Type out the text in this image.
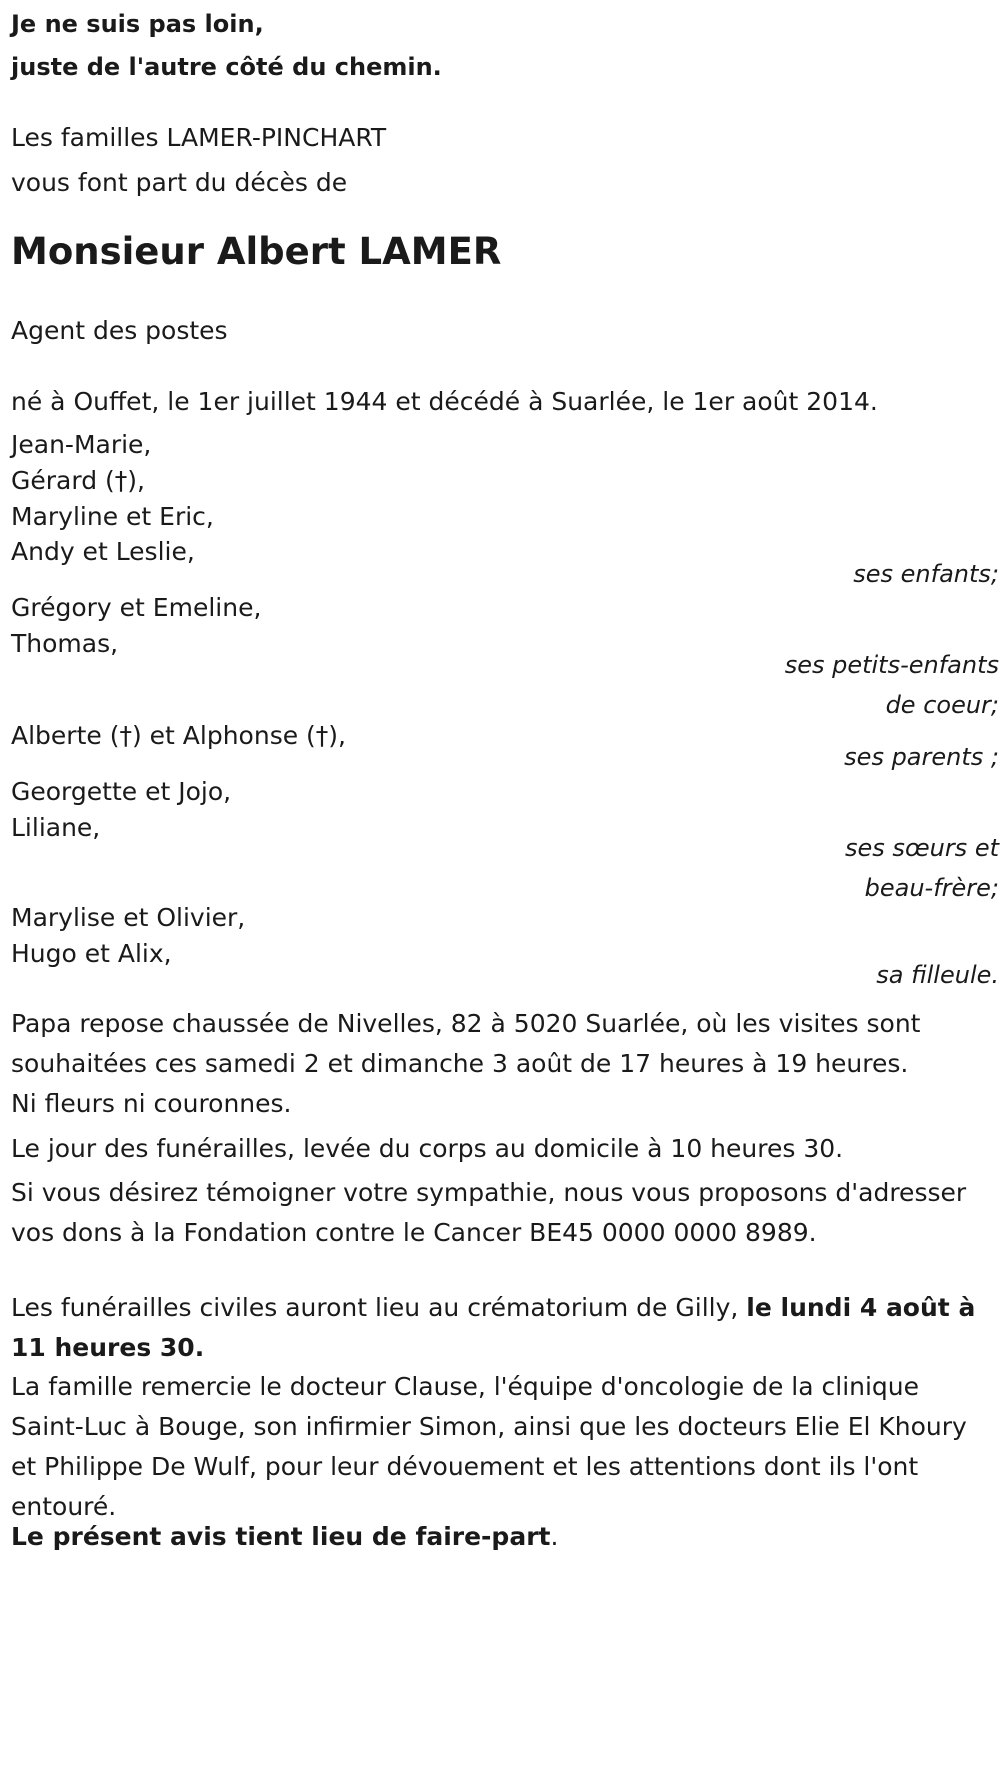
Je ne suis pas loin,

juste de l'autre côté du chemin.

Les familles LAMER-PINCHART

vous font part du décès de

Monsieur Albert LAMER

Agent des postes

né à Ouffet, le 1er juillet 1944 et décédé à Suarlée, le 1er août 2014.

Jean-Marie,

Gérard (†),

Maryline et Eric,

Andy et Leslie,

ses enfants;

Grégory et Emeline,

Thomas,

ses petits-enfants
de coeur;

Alberte (†) et Alphonse (†),

ses parents ;

Georgette et Jojo,

Liliane,

ses sœurs et
beau-frère;

Marylise et Olivier,

Hugo et Alix,

sa filleule.

Papa repose chaussée de Nivelles, 82 à 5020 Suarlée, où les visites sont souhaitées ces samedi 2 et dimanche 3 août de 17 heures à 19 heures.

Ni fleurs ni couronnes.

Le jour des funérailles, levée du corps au domicile à 10 heures 30.

Si vous désirez témoigner votre sympathie, nous vous proposons d'adresser vos dons à la Fondation contre le Cancer BE45 0000 0000 8989.

Les funérailles civiles auront lieu au crématorium de Gilly, le lundi 4 août à 11 heures 30.

La famille remercie le docteur Clause, l'équipe d'oncologie de la clinique Saint-Luc à Bouge, son infirmier Simon, ainsi que les docteurs Elie El Khoury et Philippe De Wulf, pour leur dévouement et les attentions dont ils l'ont entouré.

Le présent avis tient lieu de faire-part.
